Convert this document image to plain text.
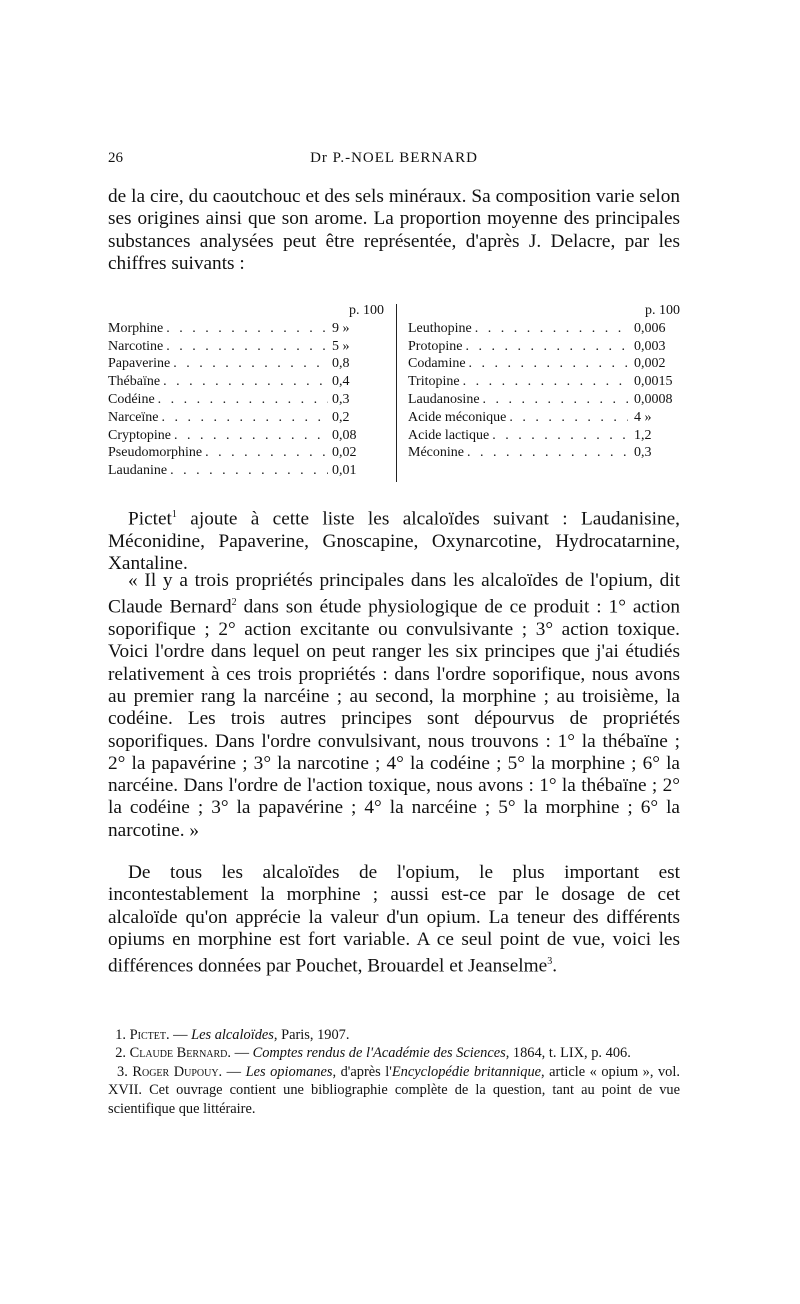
26	Dr P.-NOEL BERNARD

de la cire, du caoutchouc et des sels minéraux. Sa composition varie selon ses origines ainsi que son arome. La proportion moyenne des principales substances analysées peut être représentée, d'après J. Delacre, par les chiffres suivants :

p. 100
Morphine . . .	9 »
Narcotine . . .	5 »
Papaverine . . .	0,8
Thébaïne . . .	0,4
Codéine . . .	0,3
Narceïne . . .	0,2
Cryptopine . . .	0,08
Pseudomorphine . . .	0,02
Laudanine . . .	0,01
p. 100
Leuthopine . . .	0,006
Protopine . . .	0,003
Codamine . . .	0,002
Tritopine . . .	0,0015
Laudanosine . . .	0,0008
Acide méconique . . .	4 »
Acide lactique . . .	1,2
Méconine . . .	0,3

Pictet$^1$ ajoute à cette liste les alcaloïdes suivant : Laudanisine, Méconidine, Papaverine, Gnoscapine, Oxynarcotine, Hydrocatarnine, Xantaline.

« Il y a trois propriétés principales dans les alcaloïdes de l'opium, dit Claude Bernard$^2$ dans son étude physiologique de ce produit : 1° action soporifique ; 2° action excitante ou convulsivante ; 3° action toxique. Voici l'ordre dans lequel on peut ranger les six principes que j'ai étudiés relativement à ces trois propriétés : dans l'ordre soporifique, nous avons au premier rang la narcéine ; au second, la morphine ; au troisième, la codéine. Les trois autres principes sont dépourvus de propriétés soporifiques. Dans l'ordre convulsivant, nous trouvons : 1° la thébaïne ; 2° la papavérine ; 3° la narcotine ; 4° la codéine ; 5° la morphine ; 6° la narcéine. Dans l'ordre de l'action toxique, nous avons : 1° la thébaïne ; 2° la codéine ; 3° la papavérine ; 4° la narcéine ; 5° la morphine ; 6° la narcotine. »

De tous les alcaloïdes de l'opium, le plus important est incontestablement la morphine ; aussi est-ce par le dosage de cet alcaloïde qu'on apprécie la valeur d'un opium. La teneur des différents opiums en morphine est fort variable. A ce seul point de vue, voici les différences données par Pouchet, Brouardel et Jeanselme$^3$.

1. Pictet. — Les alcaloïdes, Paris, 1907.

2. Claude Bernard. — Comptes rendus de l'Académie des Sciences, 1864, t. LIX, p. 406.

3. Roger Dupouy. — Les opiomanes, d'après l'Encyclopédie britannique, article « opium », vol. XVII. Cet ouvrage contient une bibliographie complète de la question, tant au point de vue scientifique que littéraire.
